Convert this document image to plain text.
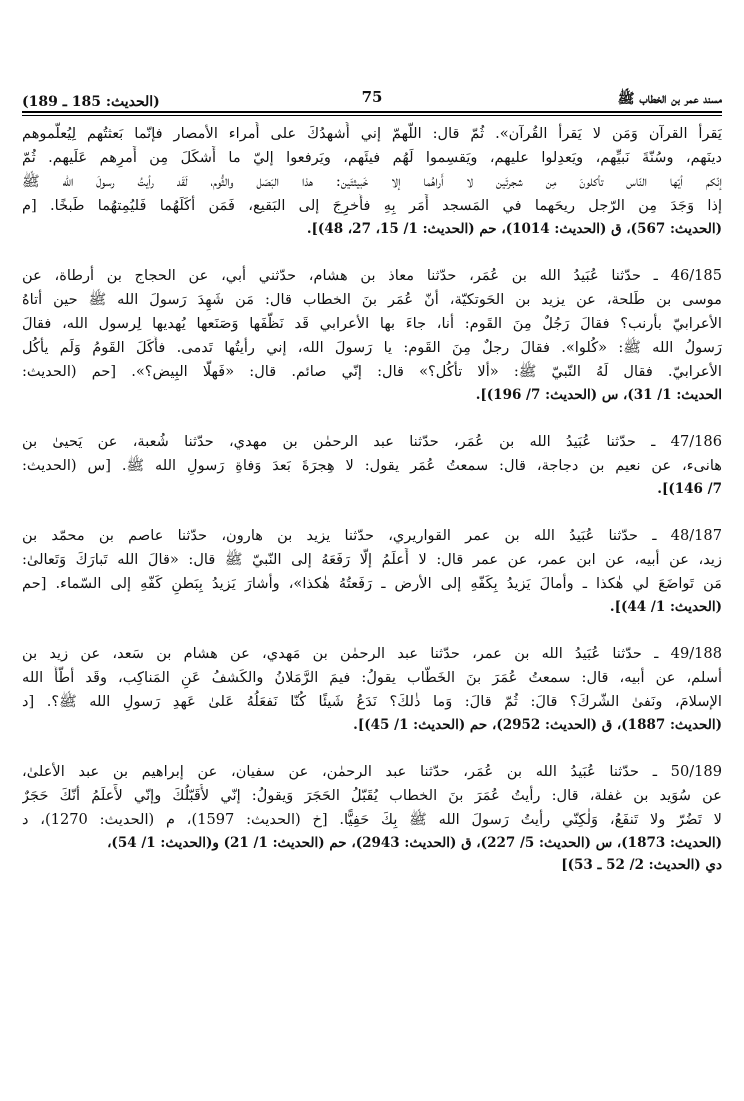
(الحديث: 185 ـ 189)	75	مسند عمر بن الخطاب ﷺ
يَقرأ القرآن وَمَن لا يَقرأ القُرآن». ثُمّ قال: اللّهمّ إني أُشهدُكَ على أُمراء الأمصار فإنّما بَعثتُهم لِيُعلّموهم
دينَهم، وسُنّةَ نَبيِّهم، ويَعدِلوا عليهم، ويَقسِموا لَهُم فيئَهم، ويَرفعوا إليّ ما أَشكَلَ مِن أَمرِهم عَلَيهم. ثُمّ
إنّكم أيّها النّاس تأكلونَ مِن شجرتَين لا أَراهُما إلا خَبيثتَين: هذا البَصَل والثُّوم، لَقَد رأيتُ رسولَ الله ﷺ
إذا وَجَدَ مِن الرّجل ريحَهما في المَسجد أَمَر بِهِ فأُخرِجَ إلى البَقيع، فَمَن أكَلَهُما فَليُمِتهُما طَبخًا. [م
(الحديث: 567)، ق (الحديث: 1014)، حم (الحديث: 1/ 15، 27، 48)].
46/185 ـ حدّثنا عُبَيدُ الله بن عُمَر، حدّثنا معاذ بن هشام، حدّثني أبي، عن الحجاج بن أرطاة، عن
موسى بن طَلحة، عن يزيد بن الحَوتكيّة، أنّ عُمَر بنَ الخطاب قال: مَن شَهِدَ رَسولَ الله ﷺ حين أتاهُ
الأعرابيّ بأرنب؟ فقالَ رَجُلٌ مِنَ القَوم: أنا، جاءَ بها الأعرابي قَد نَظّفَها وَصَنَعها يُهديها لِرسول الله، فقالَ
رَسولُ الله ﷺ: «كُلوا». فقالَ رجلٌ مِنَ القَوم: يا رَسولَ الله، إني رأيتُها تَدمى. فأَكَلَ القَومُ وَلَم يأكُل
الأعرابيّ. فقال لَهُ النّبيّ ﷺ: «ألا تأكُل؟» قال: إنّي صائم. قال: «فَهلّا البِيض؟». [حم (الحديث:
الحديث: 1/ 31)، س (الحديث: 7/ 196)].
47/186 ـ حدّثنا عُبَيدُ الله بن عُمَر، حدّثنا عبد الرحمٰن بن مهدي، حدّثنا شُعبة، عن يَحيىٰ بن
هانىء، عن نعيم بن دجاجة، قال: سمعتُ عُمَر يقول: لا هِجرَةَ بَعدَ وَفاةِ رَسولِ الله ﷺ. [س (الحديث:
7/ 146)].
48/187 ـ حدّثنا عُبَيدُ الله بن عمر القواريري، حدّثنا يزيد بن هارون، حدّثنا عاصم بن محمّد بن
زيد، عن أبيه، عن ابن عمر، عن عمر قال: لا أَعلَمُ إلّا رَفَعَهُ إلى النّبيّ ﷺ قال: «قالَ الله تَبارَكَ وَتَعالىٰ:
مَن تَواضَعَ لي هٰكذا ـ وأمالَ يَزيدُ بِكَفّهِ إلى الأرض ـ رَفَعتُهُ هٰكذا»، وأشارَ يَزيدُ بِبَطنِ كَفّهِ إلى السّماء. [حم
(الحديث: 1/ 44)].
49/188 ـ حدّثنا عُبَيدُ الله بن عمر، حدّثنا عبد الرحمٰن بن مَهدي، عن هشام بن سَعد، عن زيد بن
أسلم، عن أبيه، قال: سمعتُ عُمَرَ بنَ الخَطّاب يقولُ: فيمَ الرَّمَلانُ والكَشفُ عَنِ المَناكِب، وقَد أطّأَ الله
الإسلامَ، ونَفىٰ الشّركَ؟ قالَ: ثُمّ قالَ: وَما ذٰلكَ؟ نَدَعُ شَيئًا كُنّا نَفعَلُهُ عَلىٰ عَهدِ رَسولِ الله ﷺ؟. [د
(الحديث: 1887)، ق (الحديث: 2952)، حم (الحديث: 1/ 45)].
50/189 ـ حدّثنا عُبَيدُ الله بن عُمَر، حدّثنا عبد الرحمٰن، عن سفيان، عن إبراهيم بن عبد الأعلىٰ،
عن سُوَيد بن غفلة، قال: رأيتُ عُمَرَ بنَ الخطاب يُقَبّلُ الحَجَرَ وَيقولُ: إنّي لأُقَبّلُكَ وإنّي لأَعلَمُ أنّكَ حَجَرٌ
لا تَضُرّ ولا تَنفَعُ، وَلٰكِنّي رأيتُ رَسولَ الله ﷺ بِكَ حَفِيًّا. [خ (الحديث: 1597)، م (الحديث: 1270)، د
(الحديث: 1873)، س (الحديث: 5/ 227)، ق (الحديث: 2943)، حم (الحديث: 1/ 21) و(الحديث: 1/ 54)،
دي (الحديث: 2/ 52 ـ 53)]
